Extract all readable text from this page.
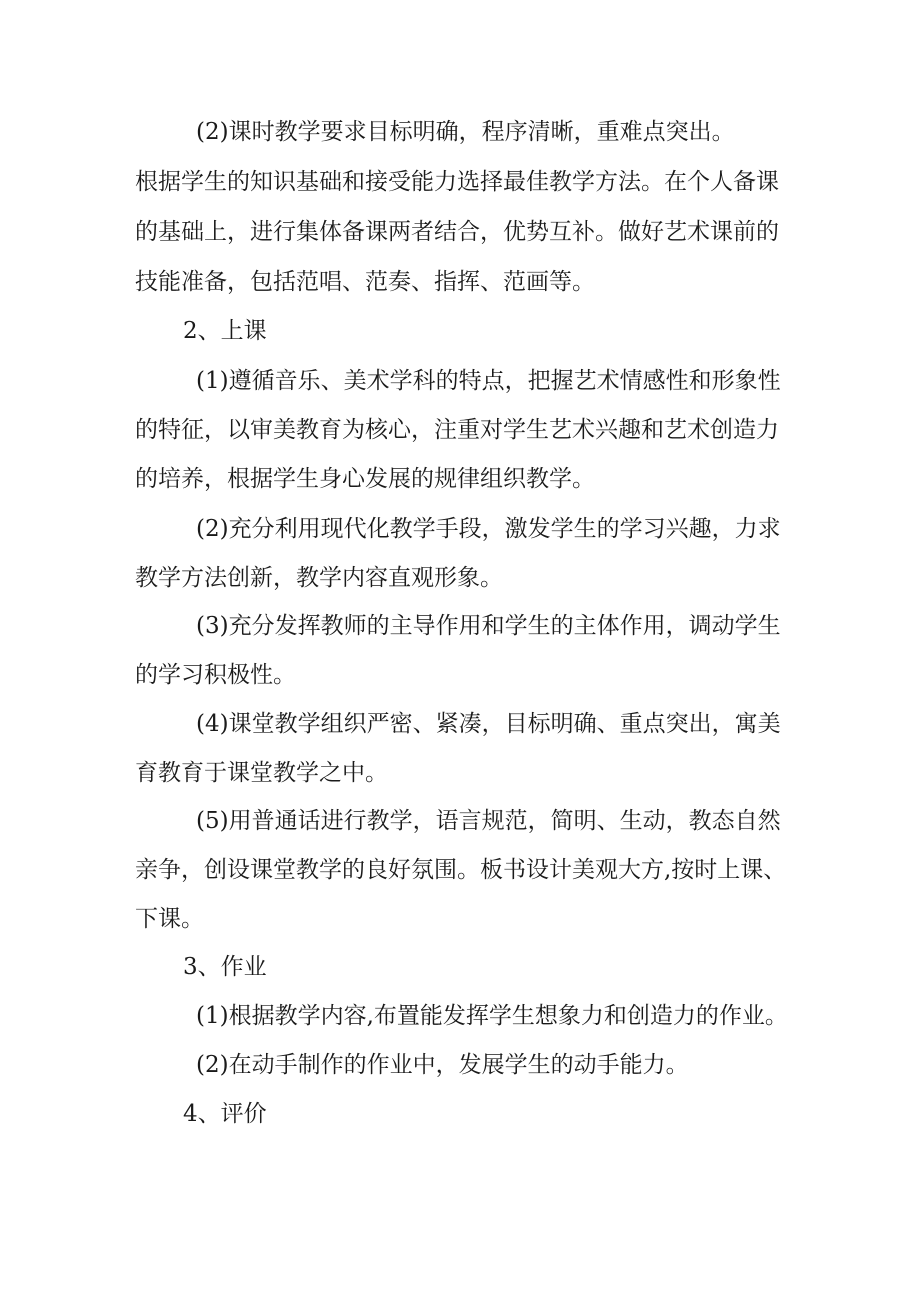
(2)课时教学要求目标明确，程序清晰，重难点突出。
根据学生的知识基础和接受能力选择最佳教学方法。在个人备课
的基础上，进行集体备课两者结合，优势互补。做好艺术课前的
技能准备，包括范唱、范奏、指挥、范画等。
2、上课
(1)遵循音乐、美术学科的特点，把握艺术情感性和形象性
的特征，以审美教育为核心，注重对学生艺术兴趣和艺术创造力
的培养，根据学生身心发展的规律组织教学。
(2)充分利用现代化教学手段，激发学生的学习兴趣，力求
教学方法创新，教学内容直观形象。
(3)充分发挥教师的主导作用和学生的主体作用，调动学生
的学习积极性。
(4)课堂教学组织严密、紧凑，目标明确、重点突出，寓美
育教育于课堂教学之中。
(5)用普通话进行教学，语言规范，简明、生动，教态自然
亲争，创设课堂教学的良好氛围。板书设计美观大方,按时上课、
下课。
3、作业
(1)根据教学内容,布置能发挥学生想象力和创造力的作业。
(2)在动手制作的作业中，发展学生的动手能力。
4、评价
